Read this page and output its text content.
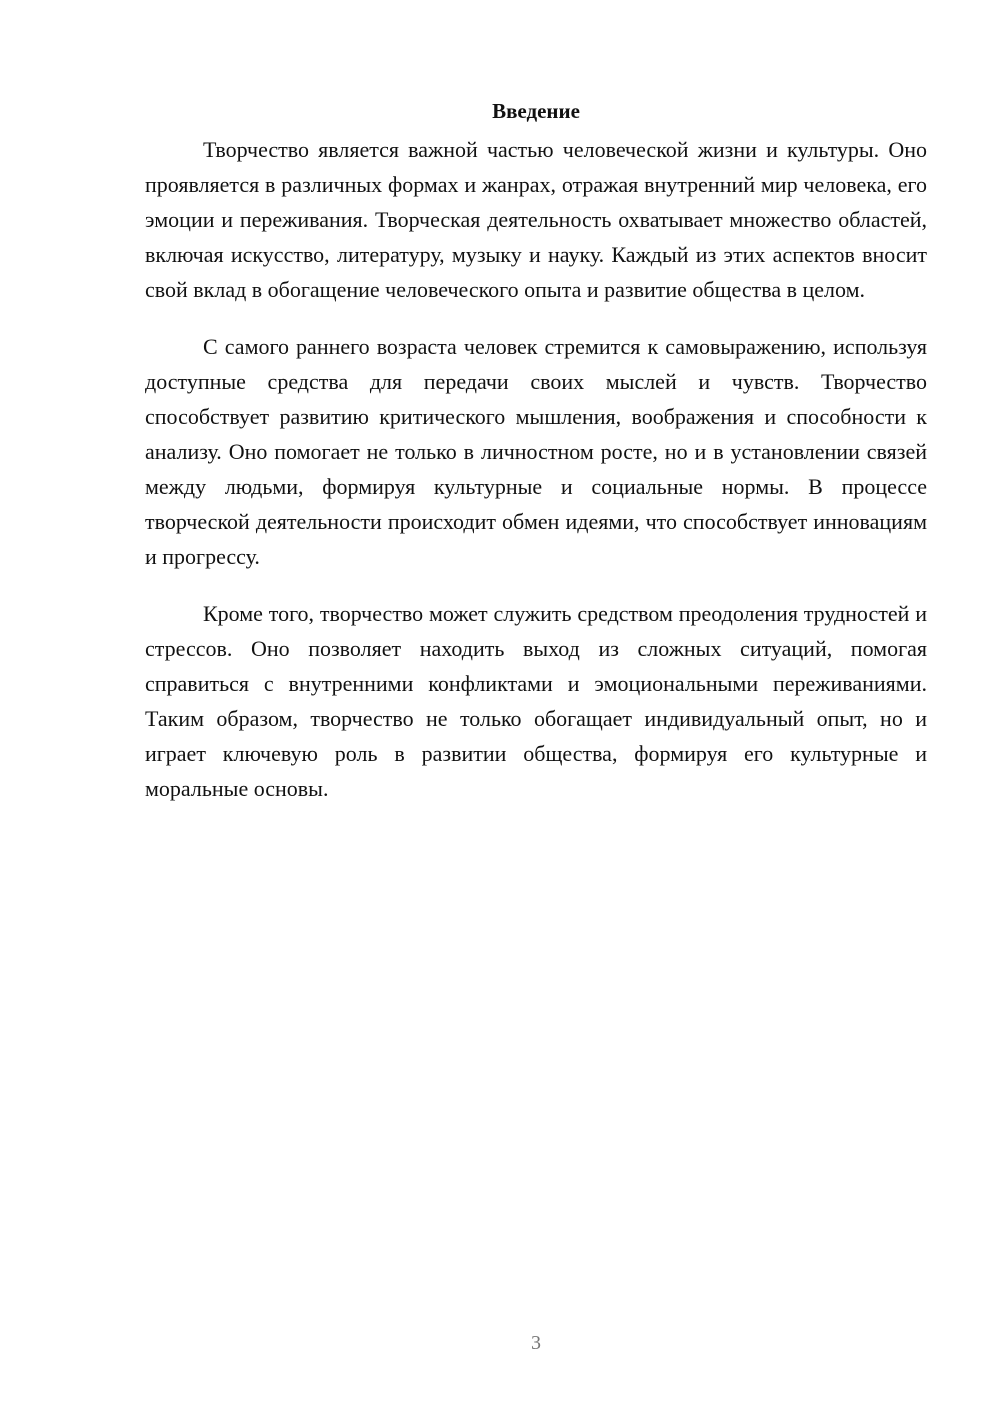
Введение

Творчество является важной частью человеческой жизни и культуры. Оно проявляется в различных формах и жанрах, отражая внутренний мир человека, его эмоции и переживания. Творческая деятельность охватывает множество областей, включая искусство, литературу, музыку и науку. Каждый из этих аспектов вносит свой вклад в обогащение человеческого опыта и развитие общества в целом.

С самого раннего возраста человек стремится к самовыражению, используя доступные средства для передачи своих мыслей и чувств. Творчество способствует развитию критического мышления, воображения и способности к анализу. Оно помогает не только в личностном росте, но и в установлении связей между людьми, формируя культурные и социальные нормы. В процессе творческой деятельности происходит обмен идеями, что способствует инновациям и прогрессу.

Кроме того, творчество может служить средством преодоления трудностей и стрессов. Оно позволяет находить выход из сложных ситуаций, помогая справиться с внутренними конфликтами и эмоциональными переживаниями. Таким образом, творчество не только обогащает индивидуальный опыт, но и играет ключевую роль в развитии общества, формируя его культурные и моральные основы.

3
